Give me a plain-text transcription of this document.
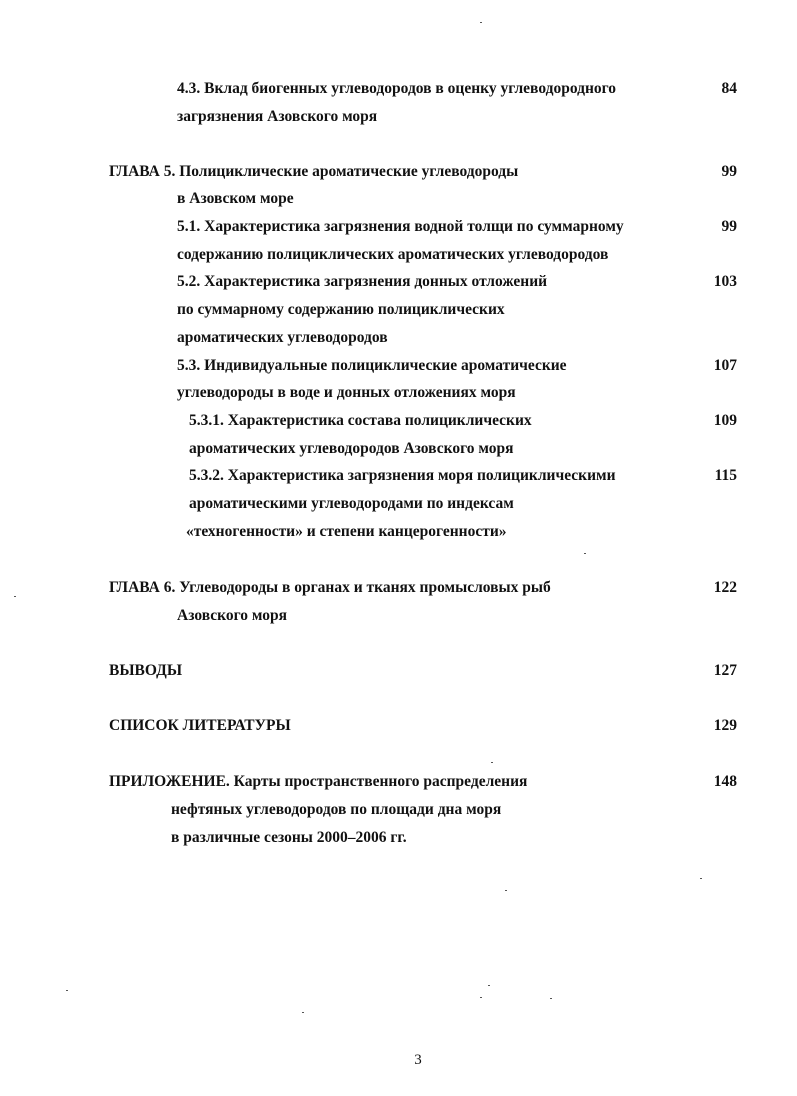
4.3. Вклад биогенных углеводородов в оценку углеводородного
загрязнения Азовского моря
84
ГЛАВА 5. Полициклические ароматические углеводороды
в Азовском море
99
5.1. Характеристика загрязнения водной толщи по суммарному
содержанию полициклических ароматических углеводородов
99
5.2. Характеристика загрязнения донных отложений
по суммарному содержанию полициклических
ароматических углеводородов
103
5.3. Индивидуальные полициклические ароматические
углеводороды в воде и донных отложениях моря
107
5.3.1. Характеристика состава полициклических
ароматических углеводородов Азовского моря
109
5.3.2. Характеристика загрязнения моря полициклическими
ароматическими углеводородами по индексам
«техногенности» и степени канцерогенности»
115
ГЛАВА 6. Углеводороды в органах и тканях промысловых рыб
Азовского моря
122
ВЫВОДЫ	127
СПИСОК ЛИТЕРАТУРЫ	129
ПРИЛОЖЕНИЕ. Карты пространственного распределения
нефтяных углеводородов по площади дна моря
в различные сезоны 2000–2006 гг.
148
3
